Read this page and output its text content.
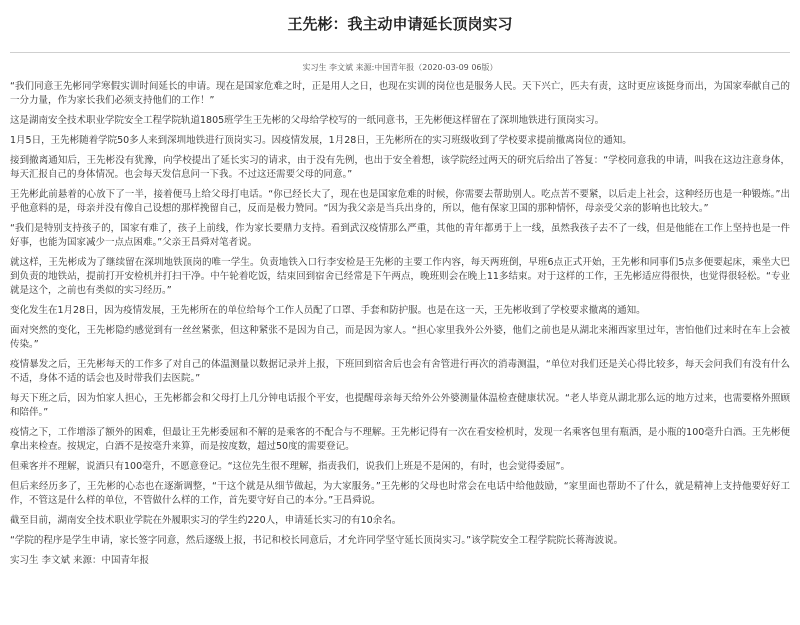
王先彬：我主动申请延长顶岗实习
实习生 李文斌 来源:中国青年报（2020-03-09 06版）

“我们同意王先彬同学寒假实训时间延长的申请。现在是国家危难之时，正是用人之日，也现在实训的岗位也是服务人民。天下兴亡，匹夫有责，这时更应该挺身而出，为国家奉献自己的一分力量，作为家长我们必须支持他们的工作！”

这是湖南安全技术职业学院安全工程学院轨道1805班学生王先彬的父母给学校写的一纸同意书，王先彬便这样留在了深圳地铁进行顶岗实习。

1月5日，王先彬随着学院50多人来到深圳地铁进行顶岗实习。因疫情发展，1月28日，王先彬所在的实习班级收到了学校要求提前撤离岗位的通知。

接到撤离通知后，王先彬没有犹豫，向学校提出了延长实习的请求，由于没有先例，也出于安全着想，该学院经过两天的研究后给出了答复：“学校同意我的申请，叫我在这边注意身体，每天汇报自己的身体情况。也会每天发信息问一下我。不过这还需要父母的同意。”

王先彬此前悬着的心放下了一半，接着便马上给父母打电话。“你已经长大了，现在也是国家危难的时候，你需要去帮助别人。吃点苦不要紧，以后走上社会，这种经历也是一种锻炼。”出乎他意料的是，母亲并没有像自己设想的那样挽留自己，反而是极力赞同。“因为我父亲是当兵出身的，所以，他有保家卫国的那种情怀，母亲受父亲的影响也比较大。”

“我们是特别支持孩子的，国家有难了，孩子上前线，作为家长要鼎力支持。看到武汉疫情那么严重，其他的青年都勇于上一线，虽然我孩子去不了一线，但是他能在工作上坚持也是一件好事，也能为国家减少一点点困难。”父亲王昌舜对笔者说。

就这样，王先彬成为了继续留在深圳地铁顶岗的唯一学生。负责地铁入口行李安检是王先彬的主要工作内容，每天两班倒，早班6点正式开始，王先彬和同事们5点多便要起床，乘坐大巴到负责的地铁站，提前打开安检机并打扫干净。中午轮着吃饭，结束回到宿舍已经常是下午两点，晚班则会在晚上11多结束。对于这样的工作，王先彬适应得很快，也觉得很轻松。“专业就是这个，之前也有类似的实习经历。”

变化发生在1月28日，因为疫情发展，王先彬所在的单位给每个工作人员配了口罩、手套和防护服。也是在这一天，王先彬收到了学校要求撤离的通知。

面对突然的变化，王先彬隐约感觉到有一丝丝紧张，但这种紧张不是因为自己，而是因为家人。“担心家里我外公外婆，他们之前也是从湖北来湘西家里过年，害怕他们过来时在车上会被传染。”

疫情暴发之后，王先彬每天的工作多了对自己的体温测量以数据记录并上报，下班回到宿舍后也会有舍管进行再次的消毒测温，“单位对我们还是关心得比较多，每天会问我们有没有什么不适，身体不适的话会也及时带我们去医院。”

每天下班之后，因为怕家人担心，王先彬都会和父母打上几分钟电话报个平安，也提醒母亲每天给外公外婆测量体温检查健康状况。“老人毕竟从湖北那么远的地方过来，也需要格外照顾和陪伴。”

疫情之下，工作增添了额外的困难，但最让王先彬委屈和不解的是乘客的不配合与不理解。王先彬记得有一次在看安检机时，发现一名乘客包里有瓶酒，是小瓶的100毫升白酒。王先彬便拿出来检查。按规定，白酒不是按毫升来算，而是按度数，超过50度的需要登记。

但乘客并不理解，说酒只有100毫升，不愿意登记。“这位先生很不理解，指责我们，说我们上班是不是闲的，有时，也会觉得委屈”。

但后来经历多了，王先彬的心态也在逐渐调整，“干这个就是从细节做起，为大家服务。”王先彬的父母也时常会在电话中给他鼓励，“家里面也帮助不了什么，就是精神上支持他要好好工作，不管这是什么样的单位，不管做什么样的工作，首先要守好自己的本分。”王昌舜说。

截至目前，湖南安全技术职业学院在外履职实习的学生约220人，申请延长实习的有10余名。

“学院的程序是学生申请，家长签字同意，然后逐级上报，书记和校长同意后，才允许同学坚守延长顶岗实习。”该学院安全工程学院院长蒋海波说。

实习生 李文斌 来源：中国青年报
